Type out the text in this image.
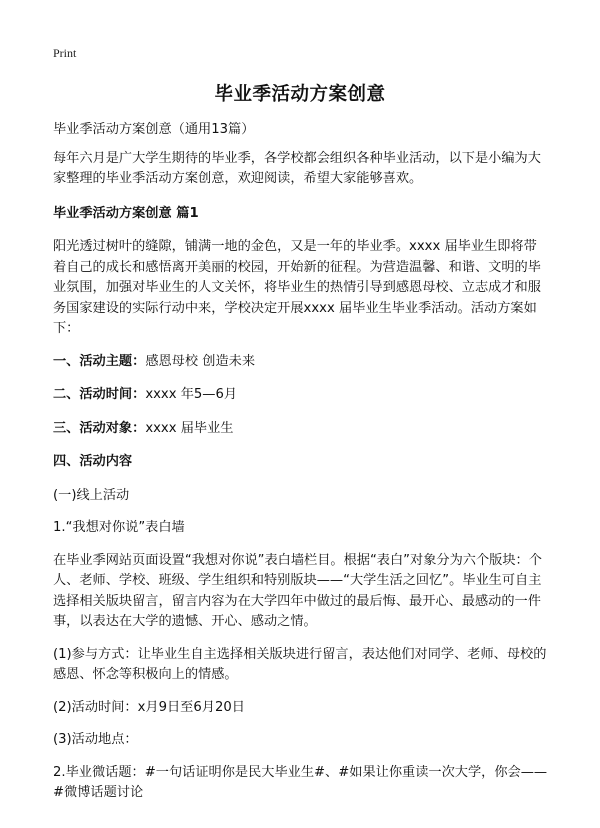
Print
毕业季活动方案创意

毕业季活动方案创意（通用13篇）

每年六月是广大学生期待的毕业季，各学校都会组织各种毕业活动，以下是小编为大家整理的毕业季活动方案创意，欢迎阅读，希望大家能够喜欢。

毕业季活动方案创意 篇1

阳光透过树叶的缝隙，铺满一地的金色，又是一年的毕业季。xxxx 届毕业生即将带着自己的成长和感悟离开美丽的校园，开始新的征程。为营造温馨、和谐、文明的毕业氛围，加强对毕业生的人文关怀，将毕业生的热情引导到感恩母校、立志成才和服务国家建设的实际行动中来，学校决定开展xxxx 届毕业生毕业季活动。活动方案如下：

一、活动主题：感恩母校 创造未来

二、活动时间：xxxx 年5—6月

三、活动对象：xxxx 届毕业生

四、活动内容

(一)线上活动

1.“我想对你说”表白墙

在毕业季网站页面设置“我想对你说”表白墙栏目。根据“表白”对象分为六个版块：个人、老师、学校、班级、学生组织和特别版块——“大学生活之回忆”。毕业生可自主选择相关版块留言，留言内容为在大学四年中做过的最后悔、最开心、最感动的一件事，以表达在大学的遗憾、开心、感动之情。

(1)参与方式：让毕业生自主选择相关版块进行留言，表达他们对同学、老师、母校的感恩、怀念等积极向上的情感。

(2)活动时间：x月9日至6月20日

(3)活动地点：

2.毕业微话题：#一句话证明你是民大毕业生#、#如果让你重读一次大学，你会——#微博话题讨论
